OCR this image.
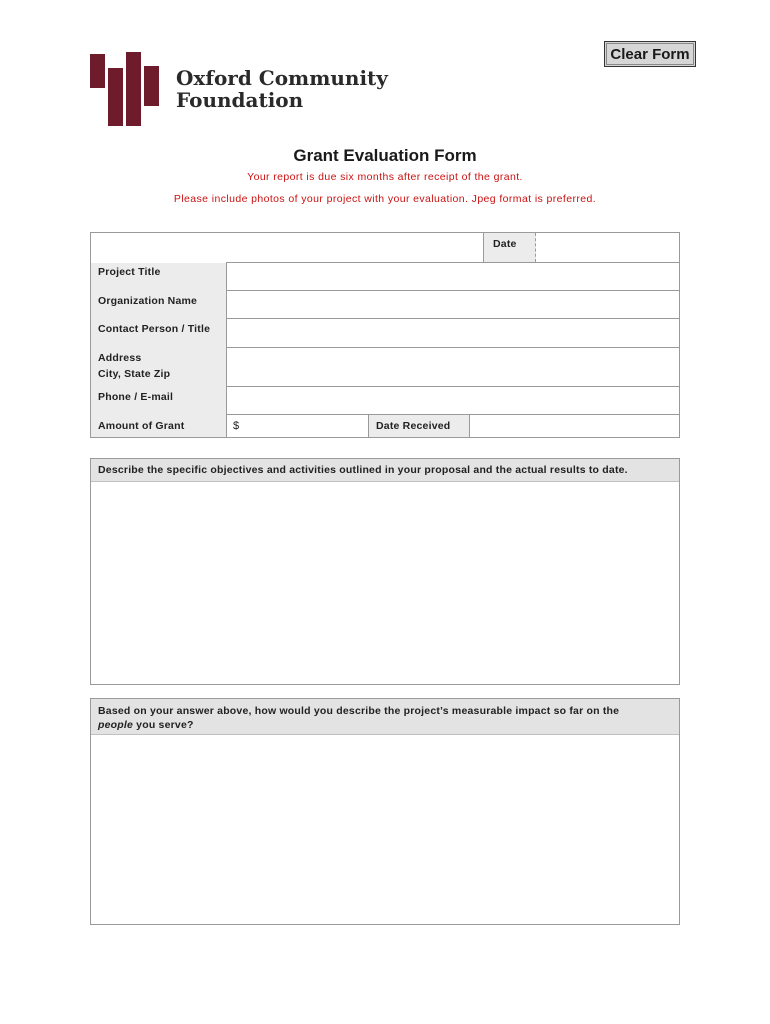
Clear Form
Oxford Community
Foundation
Grant Evaluation Form
Your report is due six months after receipt of the grant.
Please include photos of your project with your evaluation. Jpeg format is preferred.
Date
Project Title
Organization Name
Contact Person / Title
Address
City, State Zip
Phone / E-mail
Amount of Grant	$	Date Received
Describe the specific objectives and activities outlined in your proposal and the actual results to date.
Based on your answer above, how would you describe the project’s measurable impact so far on the
people you serve?
